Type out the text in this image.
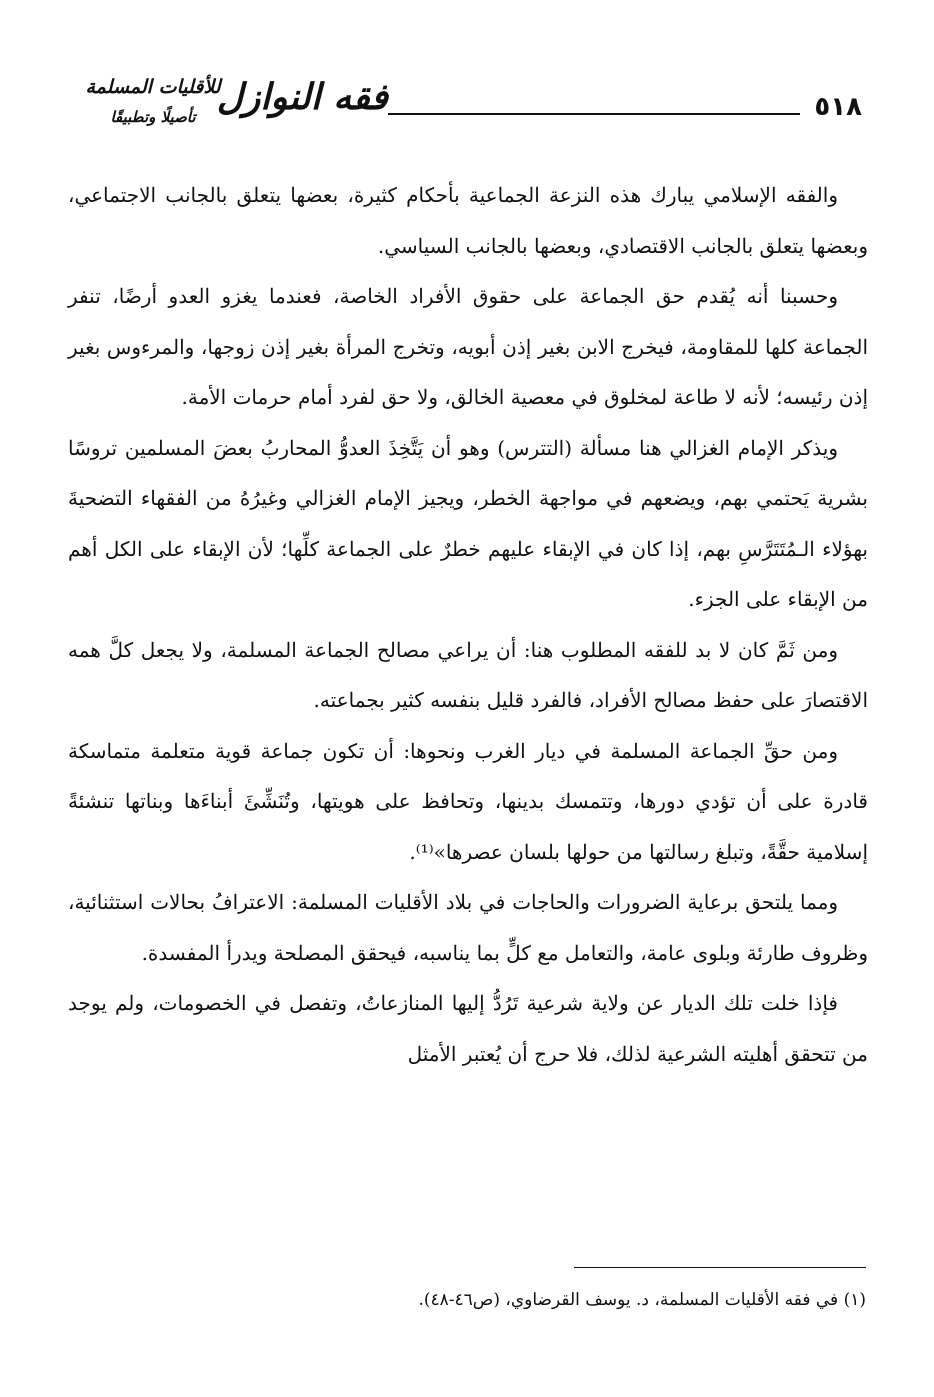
٥١٨
فقه النوازل
للأقليات المسلمة
تأصيلًا وتطبيقًا

والفقه الإسلامي يبارك هذه النزعة الجماعية بأحكام كثيرة، بعضها يتعلق بالجانب الاجتماعي، وبعضها يتعلق بالجانب الاقتصادي، وبعضها بالجانب السياسي.

وحسبنا أنه يُقدم حق الجماعة على حقوق الأفراد الخاصة، فعندما يغزو العدو أرضًا، تنفر الجماعة كلها للمقاومة، فيخرج الابن بغير إذن أبويه، وتخرج المرأة بغير إذن زوجها، والمرءوس بغير إذن رئيسه؛ لأنه لا طاعة لمخلوق في معصية الخالق، ولا حق لفرد أمام حرمات الأمة.

ويذكر الإمام الغزالي هنا مسألة (التترس) وهو أن يَتَّخِذَ العدوُّ المحاربُ بعضَ المسلمين تروسًا بشرية يَحتمي بهم، ويضعهم في مواجهة الخطر، ويجيز الإمام الغزالي وغيرُهُ من الفقهاء التضحيةَ بهؤلاء الـمُتَتَرَّسِ بهم، إذا كان في الإبقاء عليهم خطرٌ على الجماعة كلِّها؛ لأن الإبقاء على الكل أهم من الإبقاء على الجزء.

ومن ثَمَّ كان لا بد للفقه المطلوب هنا: أن يراعي مصالح الجماعة المسلمة، ولا يجعل كلَّ همه الاقتصارَ على حفظ مصالح الأفراد، فالفرد قليل بنفسه كثير بجماعته.

ومن حقِّ الجماعة المسلمة في ديار الغرب ونحوها: أن تكون جماعة قوية متعلمة متماسكة قادرة على أن تؤدي دورها، وتتمسك بدينها، وتحافظ على هويتها، وتُنَشِّئَ أبناءَها وبناتها تنشئةً إسلامية حقَّةً، وتبلغ رسالتها من حولها بلسان عصرها»⁽¹⁾.

ومما يلتحق برعاية الضرورات والحاجات في بلاد الأقليات المسلمة: الاعترافُ بحالات استثنائية، وظروف طارئة وبلوى عامة، والتعامل مع كلٍّ بما يناسبه، فيحقق المصلحة ويدرأ المفسدة.

فإذا خلت تلك الديار عن ولاية شرعية تَرُدُّ إليها المنازعاتُ، وتفصل في الخصومات، ولم يوجد من تتحقق أهليته الشرعية لذلك، فلا حرج أن يُعتبر الأمثل

(١) في فقه الأقليات المسلمة، د. يوسف القرضاوي، (ص٤٦-٤٨).
